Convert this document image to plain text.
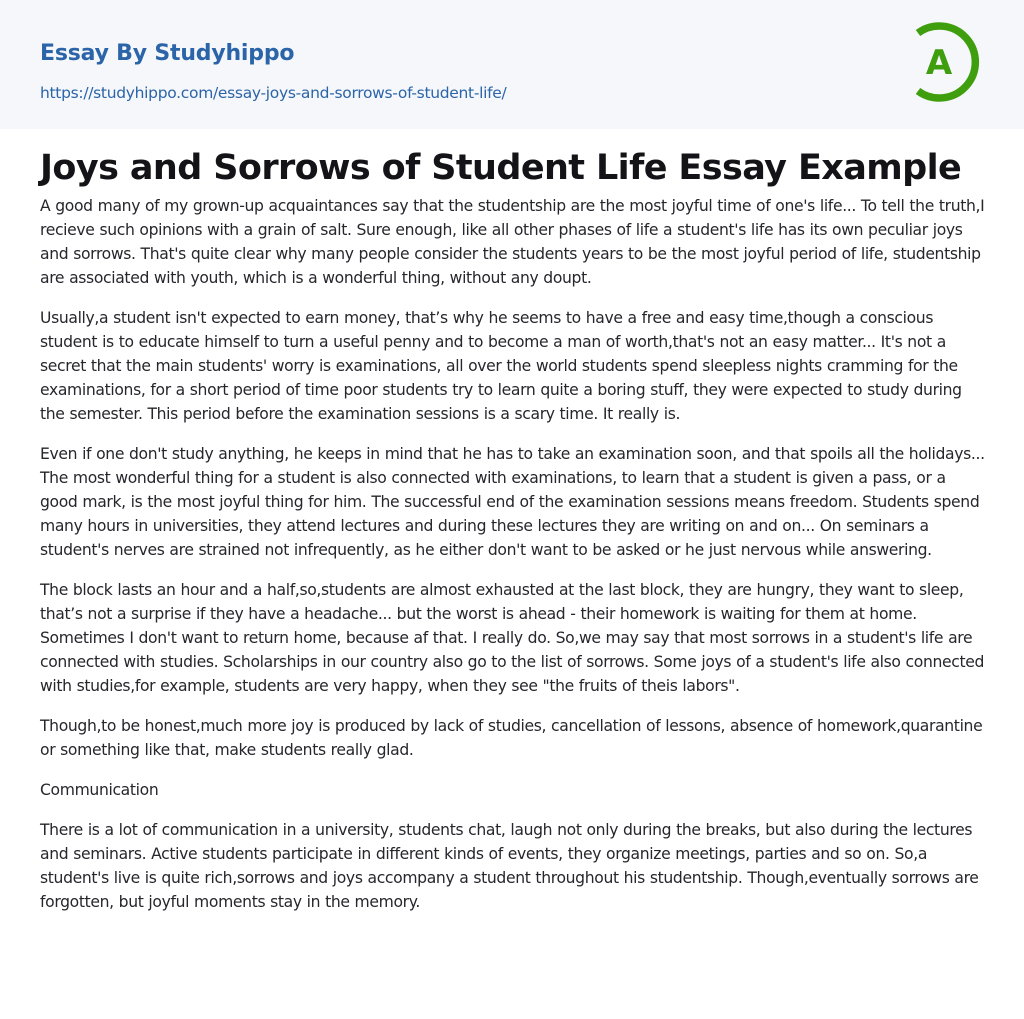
Essay By Studyhippo

https://studyhippo.com/essay-joys-and-sorrows-of-student-life/
A
Joys and Sorrows of Student Life Essay Example

A good many of my grown-up acquaintances say that the studentship are the most joyful time of one's life... To tell the truth,I recieve such opinions with a grain of salt. Sure enough, like all other phases of life a student's life has its own peculiar joys and sorrows. That's quite clear why many people consider the students years to be the most joyful period of life, studentship are associated with youth, which is a wonderful thing, without any doupt.

Usually,a student isn't expected to earn money, that’s why he seems to have a free and easy time,though a conscious student is to educate himself to turn a useful penny and to become a man of worth,that's not an easy matter... It's not a secret that the main students' worry is examinations, all over the world students spend sleepless nights cramming for the examinations, for a short period of time poor students try to learn quite a boring stuff, they were expected to study during the semester. This period before the examination sessions is a scary time. It really is.

Even if one don't study anything, he keeps in mind that he has to take an examination soon, and that spoils all the holidays... The most wonderful thing for a student is also connected with examinations, to learn that a student is given a pass, or a good mark, is the most joyful thing for him. The successful end of the examination sessions means freedom. Students spend many hours in universities, they attend lectures and during these lectures they are writing on and on... On seminars a student's nerves are strained not infrequently, as he either don't want to be asked or he just nervous while answering.

The block lasts an hour and a half,so,students are almost exhausted at the last block, they are hungry, they want to sleep, that’s not a surprise if they have a headache... but the worst is ahead - their homework is waiting for them at home. Sometimes I don't want to return home, because af that. I really do. So,we may say that most sorrows in a student's life are connected with studies. Scholarships in our country also go to the list of sorrows. Some joys of a student's life also connected with studies,for example, students are very happy, when they see "the fruits of theis labors".

Though,to be honest,much more joy is produced by lack of studies, cancellation of lessons, absence of homework,quarantine or something like that, make students really glad.

Communication

There is a lot of communication in a university, students chat, laugh not only during the breaks, but also during the lectures and seminars. Active students participate in different kinds of events, they organize meetings, parties and so on. So,a student's live is quite rich,sorrows and joys accompany a student throughout his studentship. Though,eventually sorrows are forgotten, but joyful moments stay in the memory.
